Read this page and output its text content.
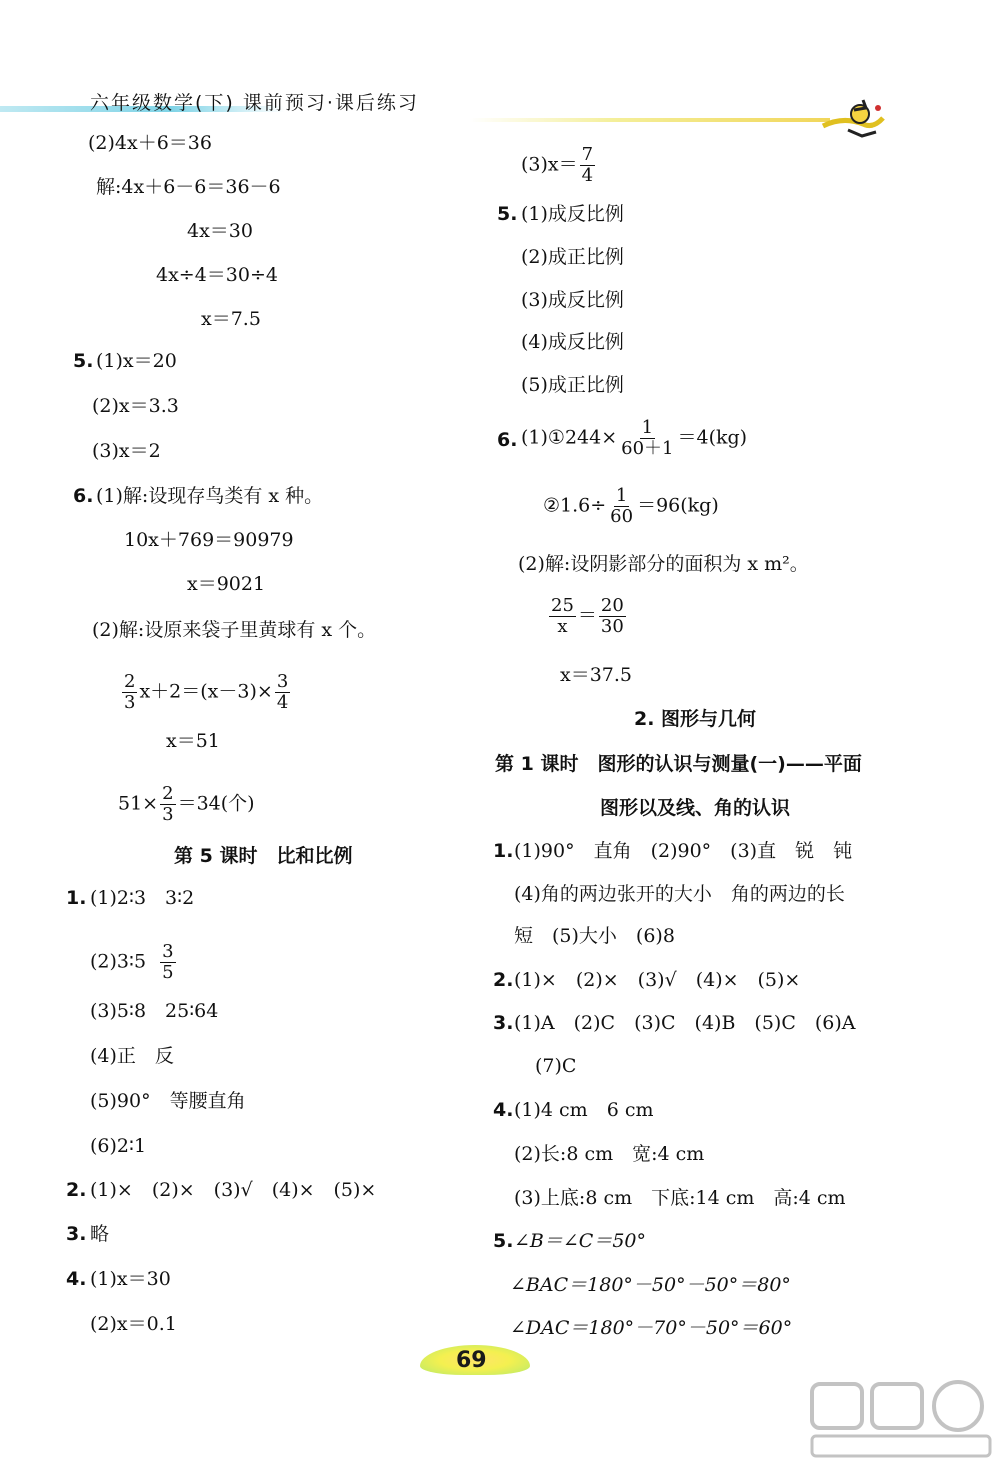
六年级数学(下) 课前预习·课后练习
(2)4x＋6＝36
解:4x＋6－6＝36－6
4x＝30
4x÷4＝30÷4
x＝7.5
5. (1)x＝20
(2)x＝3.3
(3)x＝2
6. (1)解:设现存鸟类有 x 种。
10x＋769＝90979
x＝9021
(2)解:设原来袋子里黄球有 x 个。
$\frac{2}{3} x+2=(x-3)\times \frac{3}{4}$
x＝51
$51\times \frac{2}{3} =34$(个)
第 5 课时　比和比例
1. (1)2∶3　3∶2
(2)3∶5 $\frac{3}{5}$
(3)5∶8　25∶64
(4)正　反
(5)90°　等腰直角
(6)2∶1
2. (1)×　(2)×　(3)√　(4)×　(5)×
3. 略
4. (1)x＝30
(2)x＝0.1
$(3)x= \frac{7}{4}$
5. (1)成反比例
(2)成正比例
(3)成反比例
(4)成反比例
(5)成正比例
6. (1)①244× $\frac{1}{60+1} =4(kg)$
②1.6÷ $\frac{1}{60} =96(kg)$
(2)解:设阴影部分的面积为 x m²。
$\frac{25}{x} = \frac{20}{30}$
x＝37.5
2. 图形与几何
第 1 课时　图形的认识与测量(一)——平面
图形以及线、角的认识
1. (1)90°　直角　(2)90°　(3)直　锐　钝
(4)角的两边张开的大小　角的两边的长
短　(5)大小　(6)8
2. (1)×　(2)×　(3)√　(4)×　(5)×
3. (1)A　(2)C　(3)C　(4)B　(5)C　(6)A
(7)C
4. (1)4 cm　6 cm
(2)长:8 cm　宽:4 cm
(3)上底:8 cm　下底:14 cm　高:4 cm
5. ∠B＝∠C＝50°
∠BAC＝180°－50°－50°＝80°
∠DAC＝180°－70°－50°＝60°
69
